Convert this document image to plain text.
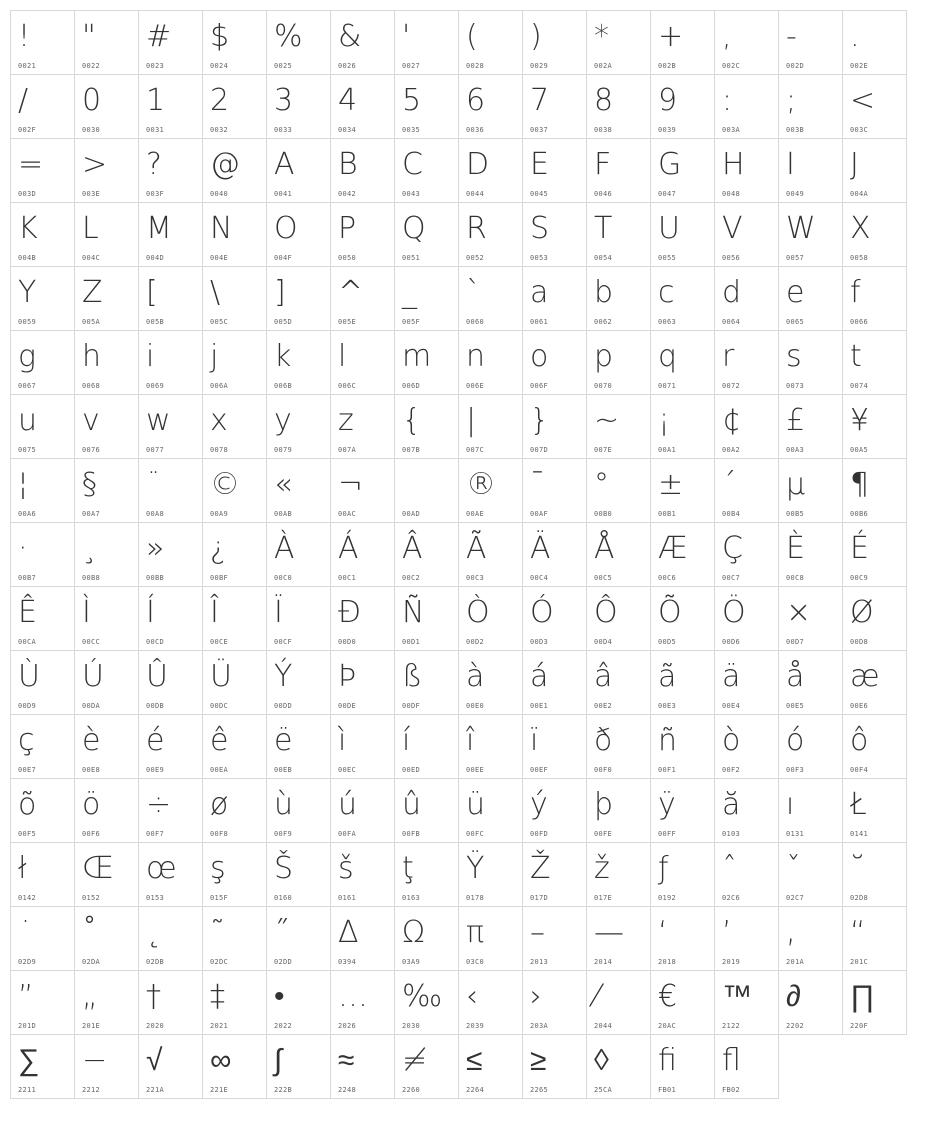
!
0021
"
0022
#
0023
$
0024
%
0025
&
0026
'
0027
(
0028
)
0029
*
002A
+
002B
,
002C
-
002D
.
002E
/
002F
0
0030
1
0031
2
0032
3
0033
4
0034
5
0035
6
0036
7
0037
8
0038
9
0039
:
003A
;
003B
<
003C
=
003D
>
003E
?
003F
@
0040
A
0041
B
0042
C
0043
D
0044
E
0045
F
0046
G
0047
H
0048
I
0049
J
004A
K
004B
L
004C
M
004D
N
004E
O
004F
P
0050
Q
0051
R
0052
S
0053
T
0054
U
0055
V
0056
W
0057
X
0058
Y
0059
Z
005A
[
005B
\
005C
]
005D
^
005E
_
005F
`
0060
a
0061
b
0062
c
0063
d
0064
e
0065
f
0066
g
0067
h
0068
i
0069
j
006A
k
006B
l
006C
m
006D
n
006E
o
006F
p
0070
q
0071
r
0072
s
0073
t
0074
u
0075
v
0076
w
0077
x
0078
y
0079
z
007A
{
007B
|
007C
}
007D
~
007E
¡
00A1
¢
00A2
£
00A3
¥
00A5
¦
00A6
§
00A7
¨
00A8
©
00A9
«
00AB
¬
00AC	00AD
®
00AE
¯
00AF
°
00B0
±
00B1
´
00B4
µ
00B5
¶
00B6
·
00B7
¸
00B8
»
00BB
¿
00BF
À
00C0
Á
00C1
Â
00C2
Ã
00C3
Ä
00C4
Å
00C5
Æ
00C6
Ç
00C7
È
00C8
É
00C9
Ê
00CA
Ì
00CC
Í
00CD
Î
00CE
Ï
00CF
Ð
00D0
Ñ
00D1
Ò
00D2
Ó
00D3
Ô
00D4
Õ
00D5
Ö
00D6
×
00D7
Ø
00D8
Ù
00D9
Ú
00DA
Û
00DB
Ü
00DC
Ý
00DD
Þ
00DE
ß
00DF
à
00E0
á
00E1
â
00E2
ã
00E3
ä
00E4
å
00E5
æ
00E6
ç
00E7
è
00E8
é
00E9
ê
00EA
ë
00EB
ì
00EC
í
00ED
î
00EE
ï
00EF
ð
00F0
ñ
00F1
ò
00F2
ó
00F3
ô
00F4
õ
00F5
ö
00F6
÷
00F7
ø
00F8
ù
00F9
ú
00FA
û
00FB
ü
00FC
ý
00FD
þ
00FE
ÿ
00FF
ă
0103
ı
0131
Ł
0141
ł
0142
Œ
0152
œ
0153
ş
015F
Š
0160
š
0161
ţ
0163
Ÿ
0178
Ž
017D
ž
017E
ƒ
0192
ˆ
02C6
ˇ
02C7
˘
02D8
˙
02D9
˚
02DA
˛
02DB
˜
02DC
˝
02DD
Δ
0394
Ω
03A9
π
03C0
–
2013
—
2014
‘
2018
’
2019
‚
201A
“
201C
”
201D
„
201E
†
2020
‡
2021
•
2022
…
2026
‰
2030
‹
2039
›
203A
⁄
2044
€
20AC
™
2122
∂
2202
∏
220F
∑
2211
−
2212
√
221A
∞
221E
∫
222B
≈
2248
≠
2260
≤
2264
≥
2265
◊
25CA
ﬁ
FB01
ﬂ
FB02
